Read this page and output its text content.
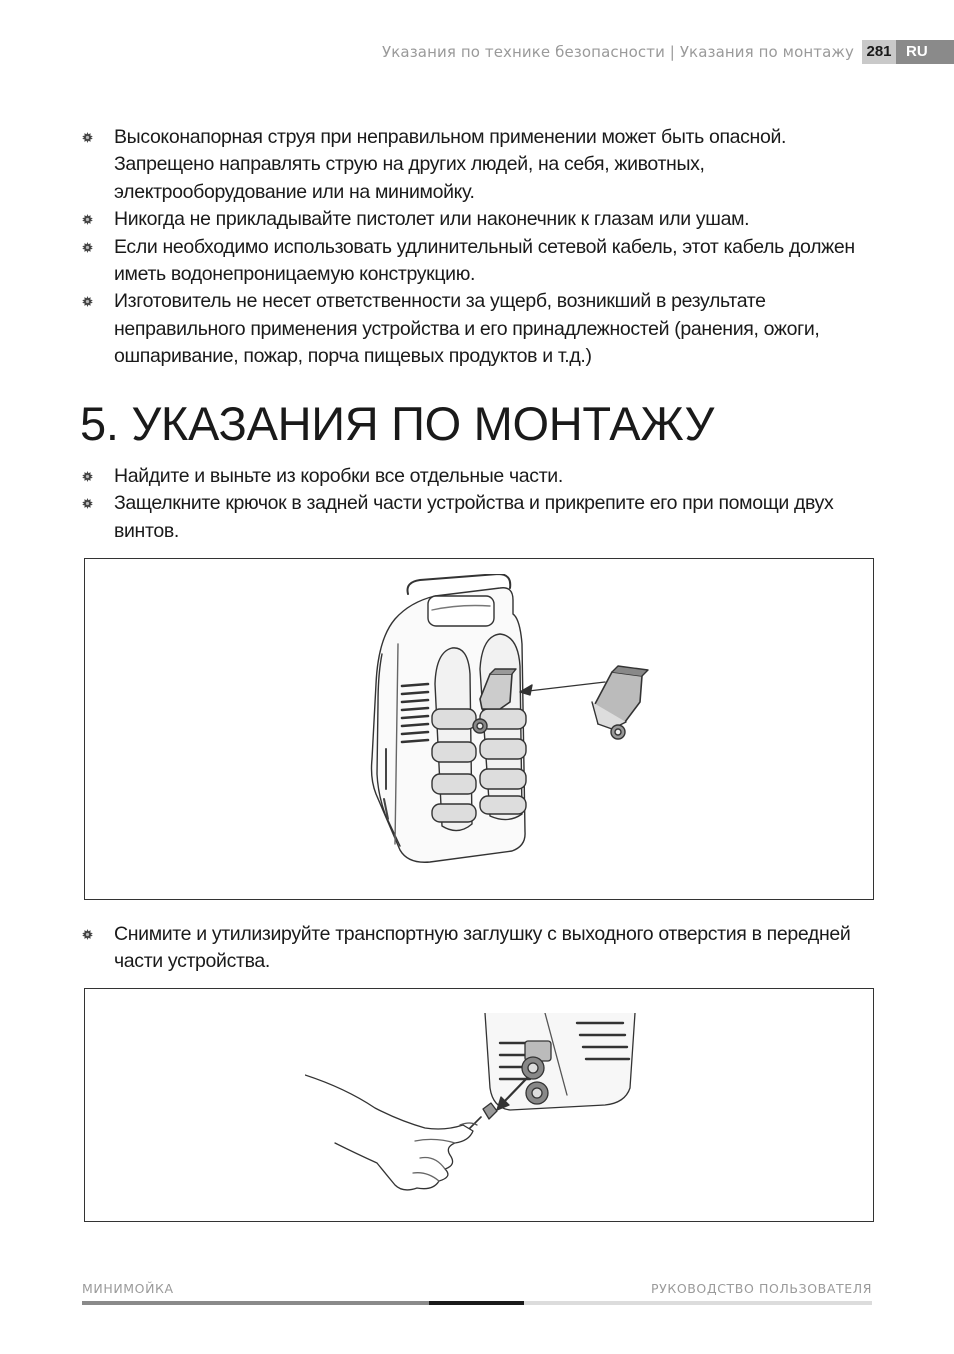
Указания по технике безопасности | Указания по монтажу 281 RU
Высоконапорная струя при неправильном применении может быть опасной. Запрещено направлять струю на других людей, на себя, животных, электрооборудование или на минимойку.
Никогда не прикладывайте пистолет или наконечник к глазам или ушам.
Если необходимо использовать удлинительный сетевой кабель, этот кабель должен иметь водонепроницаемую конструкцию.
Изготовитель не несет ответственности за ущерб, возникший в результате неправильного применения устройства и его принадлежностей (ранения, ожоги, ошпаривание, пожар, порча пищевых продуктов и т.д.)
5. УКАЗАНИЯ ПО МОНТАЖУ
Найдите и выньте из коробки все отдельные части.
Защелкните крючок в задней части устройства и прикрепите его при помощи двух винтов.
Снимите и утилизируйте транспортную заглушку с выходного отверстия в передней части устройства.
МИНИМОЙКА	РУКОВОДСТВО ПОЛЬЗОВАТЕЛЯ
